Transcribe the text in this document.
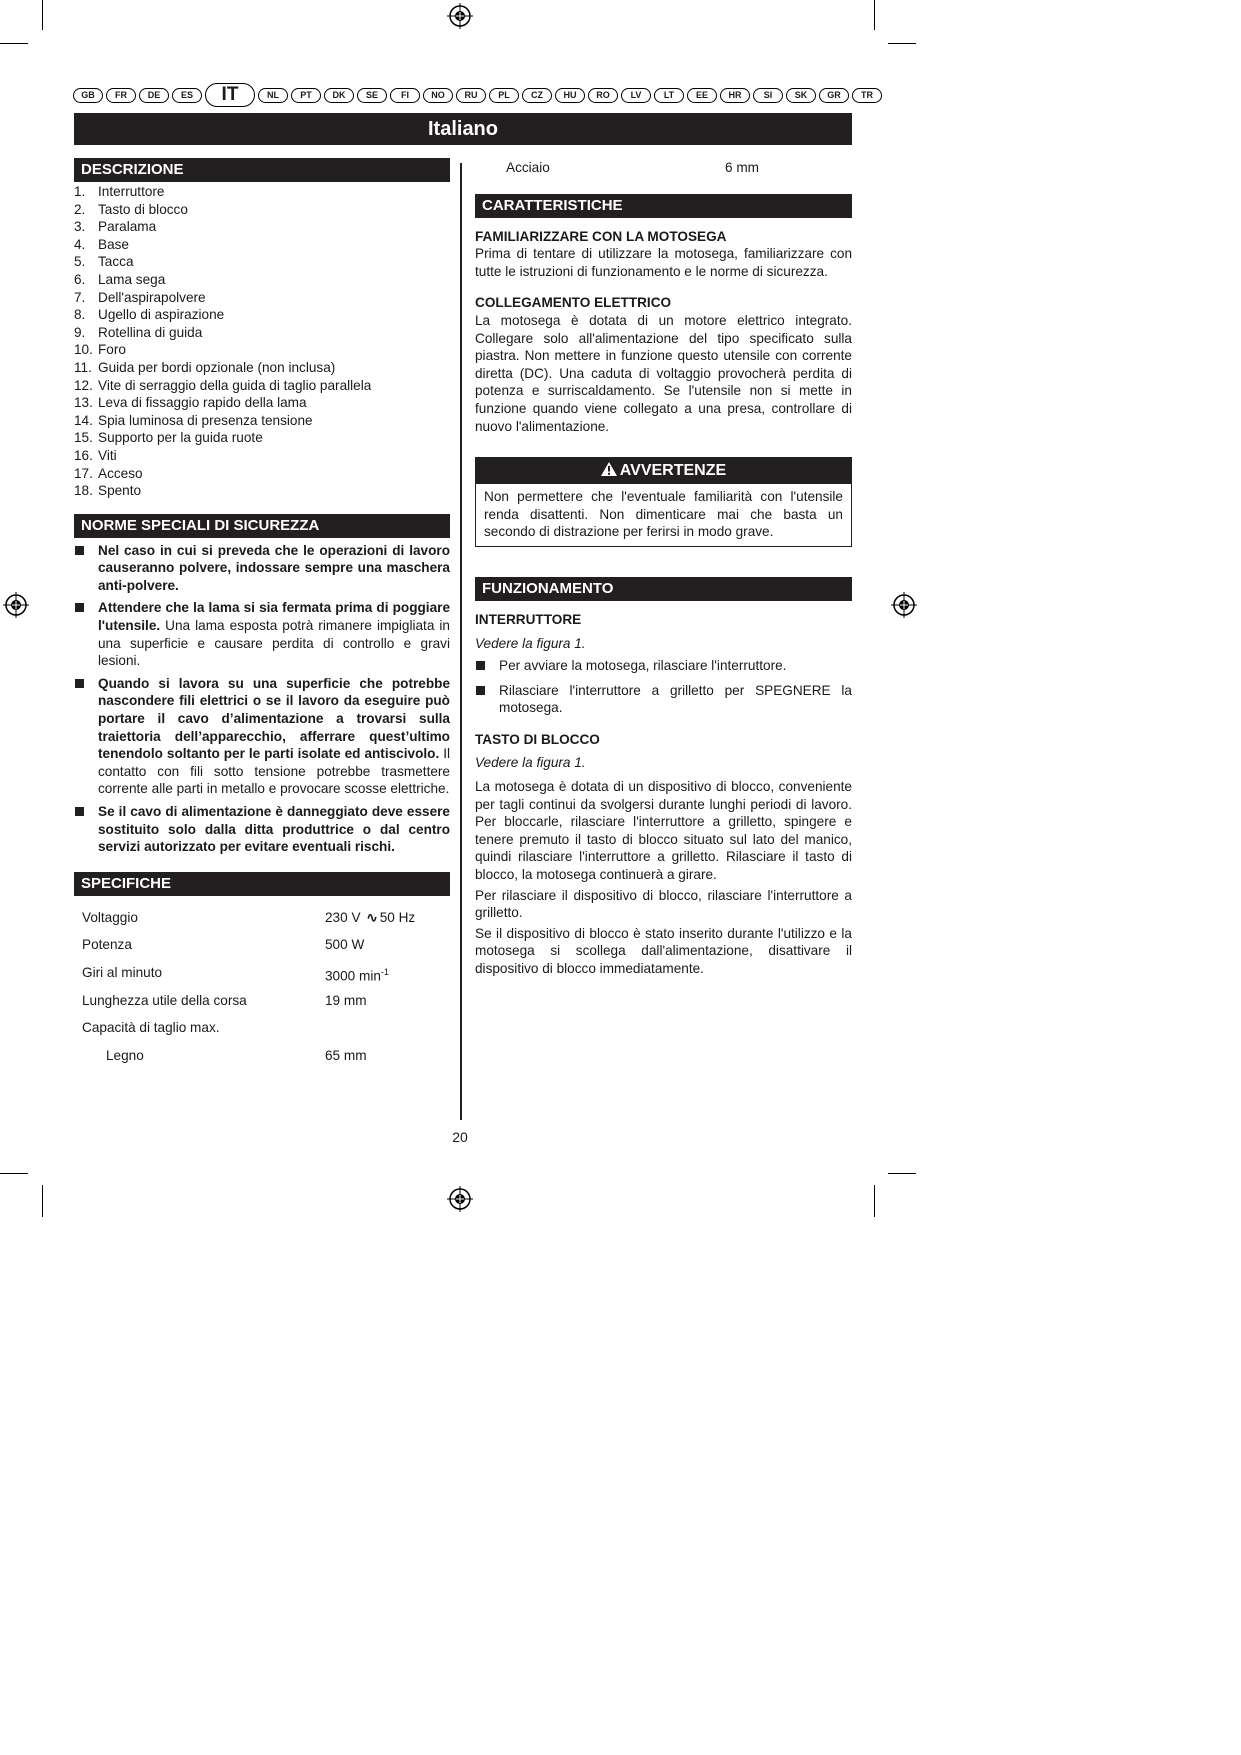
GB	FR	DE	ES	IT	NL	PT	DK	SE	FI	NO	RU	PL	CZ	HU	RO	LV	LT	EE	HR	SI	SK	GR	TR
Italiano
DESCRIZIONE
1. Interruttore
2. Tasto di blocco
3. Paralama
4. Base
5. Tacca
6. Lama sega
7. Dell'aspirapolvere
8. Ugello di aspirazione
9. Rotellina di guida
10. Foro
11. Guida per bordi opzionale (non inclusa)
12. Vite di serraggio della guida di taglio parallela
13. Leva di fissaggio rapido della lama
14. Spia luminosa di presenza tensione
15. Supporto per la guida ruote
16. Viti
17. Acceso
18. Spento
NORME SPECIALI DI SICUREZZA
Nel caso in cui si preveda che le operazioni di lavoro causeranno polvere, indossare sempre una maschera anti-polvere.
Attendere che la lama si sia fermata prima di poggiare l'utensile. Una lama esposta potrà rimanere impigliata in una superficie e causare perdita di controllo e gravi lesioni.
Quando si lavora su una superficie che potrebbe nascondere fili elettrici o se il lavoro da eseguire può portare il cavo d’alimentazione a trovarsi sulla traiettoria dell’apparecchio, afferrare quest’ultimo tenendolo soltanto per le parti isolate ed antiscivolo. Il contatto con fili sotto tensione potrebbe trasmettere corrente alle parti in metallo e provocare scosse elettriche.
Se il cavo di alimentazione è danneggiato deve essere sostituito solo dalla ditta produttrice o dal centro servizi autorizzato per evitare eventuali rischi.
SPECIFICHE
Voltaggio	230 V ∿ 50 Hz
Potenza	500 W
Giri al minuto	3000 $\min^{-1}$
Lunghezza utile della corsa	19 mm
Capacità di taglio max.
Legno	65 mm
Acciaio	6 mm
CARATTERISTICHE
FAMILIARIZZARE CON LA MOTOSEGA

Prima di tentare di utilizzare la motosega, familiarizzare con tutte le istruzioni di funzionamento e le norme di sicurezza.

COLLEGAMENTO ELETTRICO

La motosega è dotata di un motore elettrico integrato. Collegare solo all'alimentazione del tipo specificato sulla piastra. Non mettere in funzione questo utensile con corrente diretta (DC). Una caduta di voltaggio provocherà perdita di potenza e surriscaldamento. Se l'utensile non si mette in funzione quando viene collegato a una presa, controllare di nuovo l'alimentazione.

AVVERTENZE
Non permettere che l'eventuale familiarità con l'utensile renda disattenti. Non dimenticare mai che basta un secondo di distrazione per ferirsi in modo grave.
FUNZIONAMENTO
INTERRUTTORE

Vedere la figura 1.

Per avviare la motosega, rilasciare l'interruttore.
Rilasciare l'interruttore a grilletto per SPEGNERE la motosega.
TASTO DI BLOCCO

Vedere la figura 1.

La motosega è dotata di un dispositivo di blocco, conveniente per tagli continui da svolgersi durante lunghi periodi di lavoro. Per bloccarle, rilasciare l'interruttore a grilletto, spingere e tenere premuto il tasto di blocco situato sul lato del manico, quindi rilasciare l'interruttore a grilletto. Rilasciare il tasto di blocco, la motosega continuerà a girare.

Per rilasciare il dispositivo di blocco, rilasciare l'interruttore a grilletto.

Se il dispositivo di blocco è stato inserito durante l'utilizzo e la motosega si scollega dall'alimentazione, disattivare il dispositivo di blocco immediatamente.

20
